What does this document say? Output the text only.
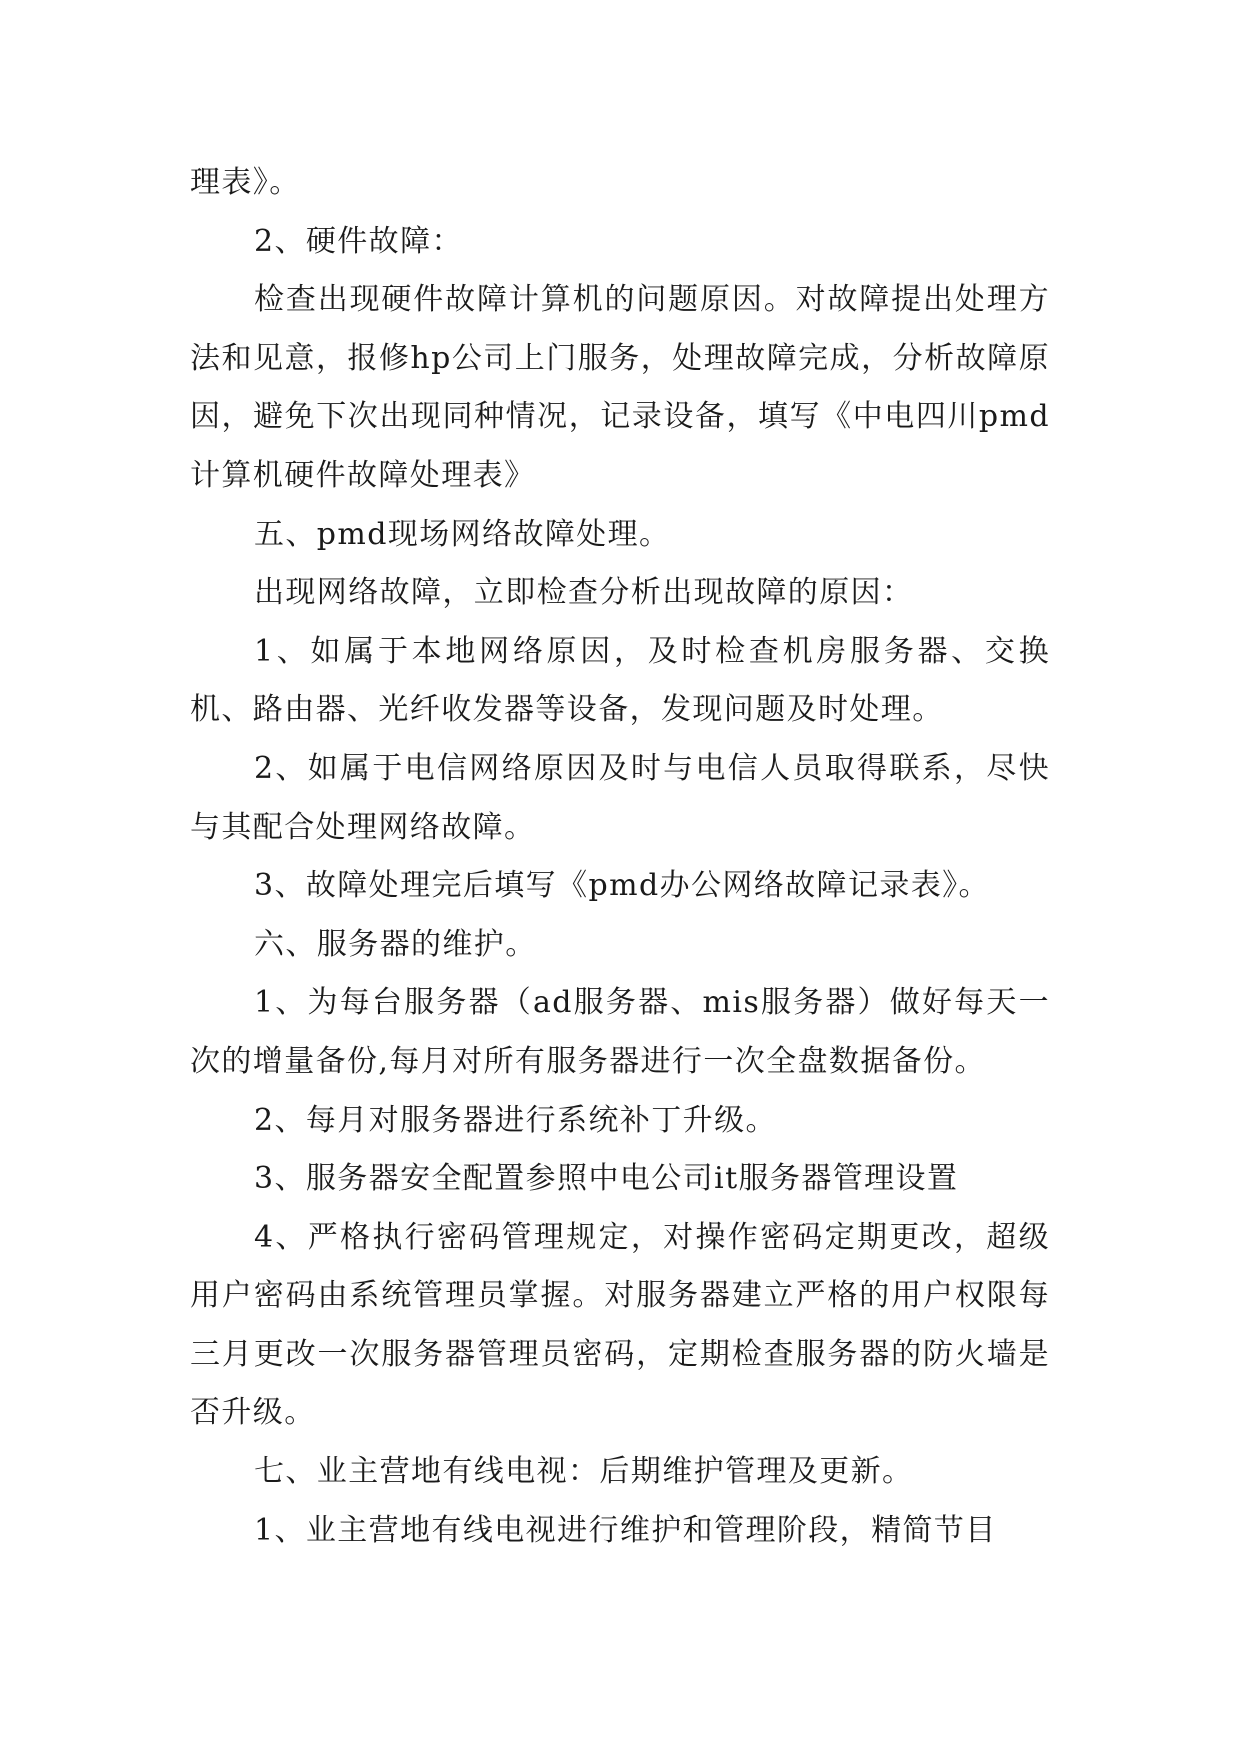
理表》。

2、硬件故障：

检查出现硬件故障计算机的问题原因。对故障提出处理方法和见意，报修hp公司上门服务，处理故障完成，分析故障原因，避免下次出现同种情况，记录设备，填写《中电四川pmd计算机硬件故障处理表》

五、pmd现场网络故障处理。

出现网络故障，立即检查分析出现故障的原因：

1、如属于本地网络原因，及时检查机房服务器、交换机、路由器、光纤收发器等设备，发现问题及时处理。

2、如属于电信网络原因及时与电信人员取得联系，尽快与其配合处理网络故障。

3、故障处理完后填写《pmd办公网络故障记录表》。

六、服务器的维护。

1、为每台服务器（ad服务器、mis服务器）做好每天一次的增量备份,每月对所有服务器进行一次全盘数据备份。

2、每月对服务器进行系统补丁升级。

3、服务器安全配置参照中电公司it服务器管理设置

4、严格执行密码管理规定，对操作密码定期更改，超级用户密码由系统管理员掌握。对服务器建立严格的用户权限每三月更改一次服务器管理员密码，定期检查服务器的防火墙是否升级。

七、业主营地有线电视：后期维护管理及更新。

1、业主营地有线电视进行维护和管理阶段，精简节目
